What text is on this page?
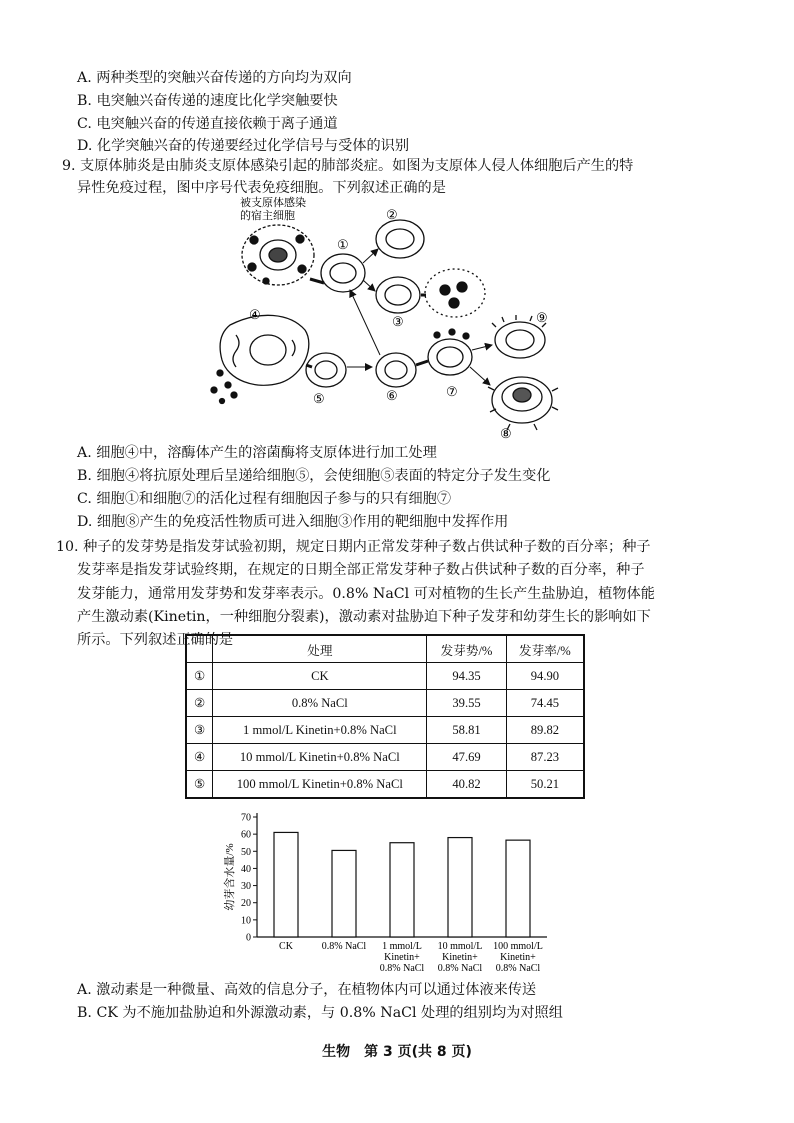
A. 两种类型的突触兴奋传递的方向均为双向
B. 电突触兴奋传递的速度比化学突触要快
C. 电突触兴奋的传递直接依赖于离子通道
D. 化学突触兴奋的传递要经过化学信号与受体的识别
9. 支原体肺炎是由肺炎支原体感染引起的肺部炎症。如图为支原体人侵人体细胞后产生的特
异性免疫过程，图中序号代表免疫细胞。下列叙述正确的是
被支原体感染
的宿主细胞
①
②
③
④
⑤	⑥	⑦
⑨
⑧
A. 细胞④中，溶酶体产生的溶菌酶将支原体进行加工处理
B. 细胞④将抗原处理后呈递给细胞⑤，会使细胞⑤表面的特定分子发生变化
C. 细胞①和细胞⑦的活化过程有细胞因子参与的只有细胞⑦
D. 细胞⑧产生的免疫活性物质可进入细胞③作用的靶细胞中发挥作用
10. 种子的发芽势是指发芽试验初期，规定日期内正常发芽种子数占供试种子数的百分率；种子
发芽率是指发芽试验终期，在规定的日期全部正常发芽种子数占供试种子数的百分率，种子
发芽能力，通常用发芽势和发芽率表示。0.8% NaCl 可对植物的生长产生盐胁迫，植物体能
产生激动素(Kinetin，一种细胞分裂素)，激动素对盐胁迫下种子发芽和幼芽生长的影响如下
所示。下列叙述正确的是
	处理	发芽势/%	发芽率/%
①	CK	94.35	94.90
②	0.8% NaCl	39.55	74.45
③	1 mmol/L Kinetin+0.8% NaCl	58.81	89.82
④	10 mmol/L Kinetin+0.8% NaCl	47.69	87.23
⑤	100 mmol/L Kinetin+0.8% NaCl	40.82	50.21
0
10
20
30
40
50
60
70
幼芽含水量/%
CK	0.8% NaCl 1 mmol/L
Kinetin+
0.8% NaCl
10 mmol/L
Kinetin+
0.8% NaCl
100 mmol/L
Kinetin+
0.8% NaCl
A. 激动素是一种微量、高效的信息分子，在植物体内可以通过体液来传送
B. CK 为不施加盐胁迫和外源激动素，与 0.8% NaCl 处理的组别均为对照组
生物　第 3 页(共 8 页)
